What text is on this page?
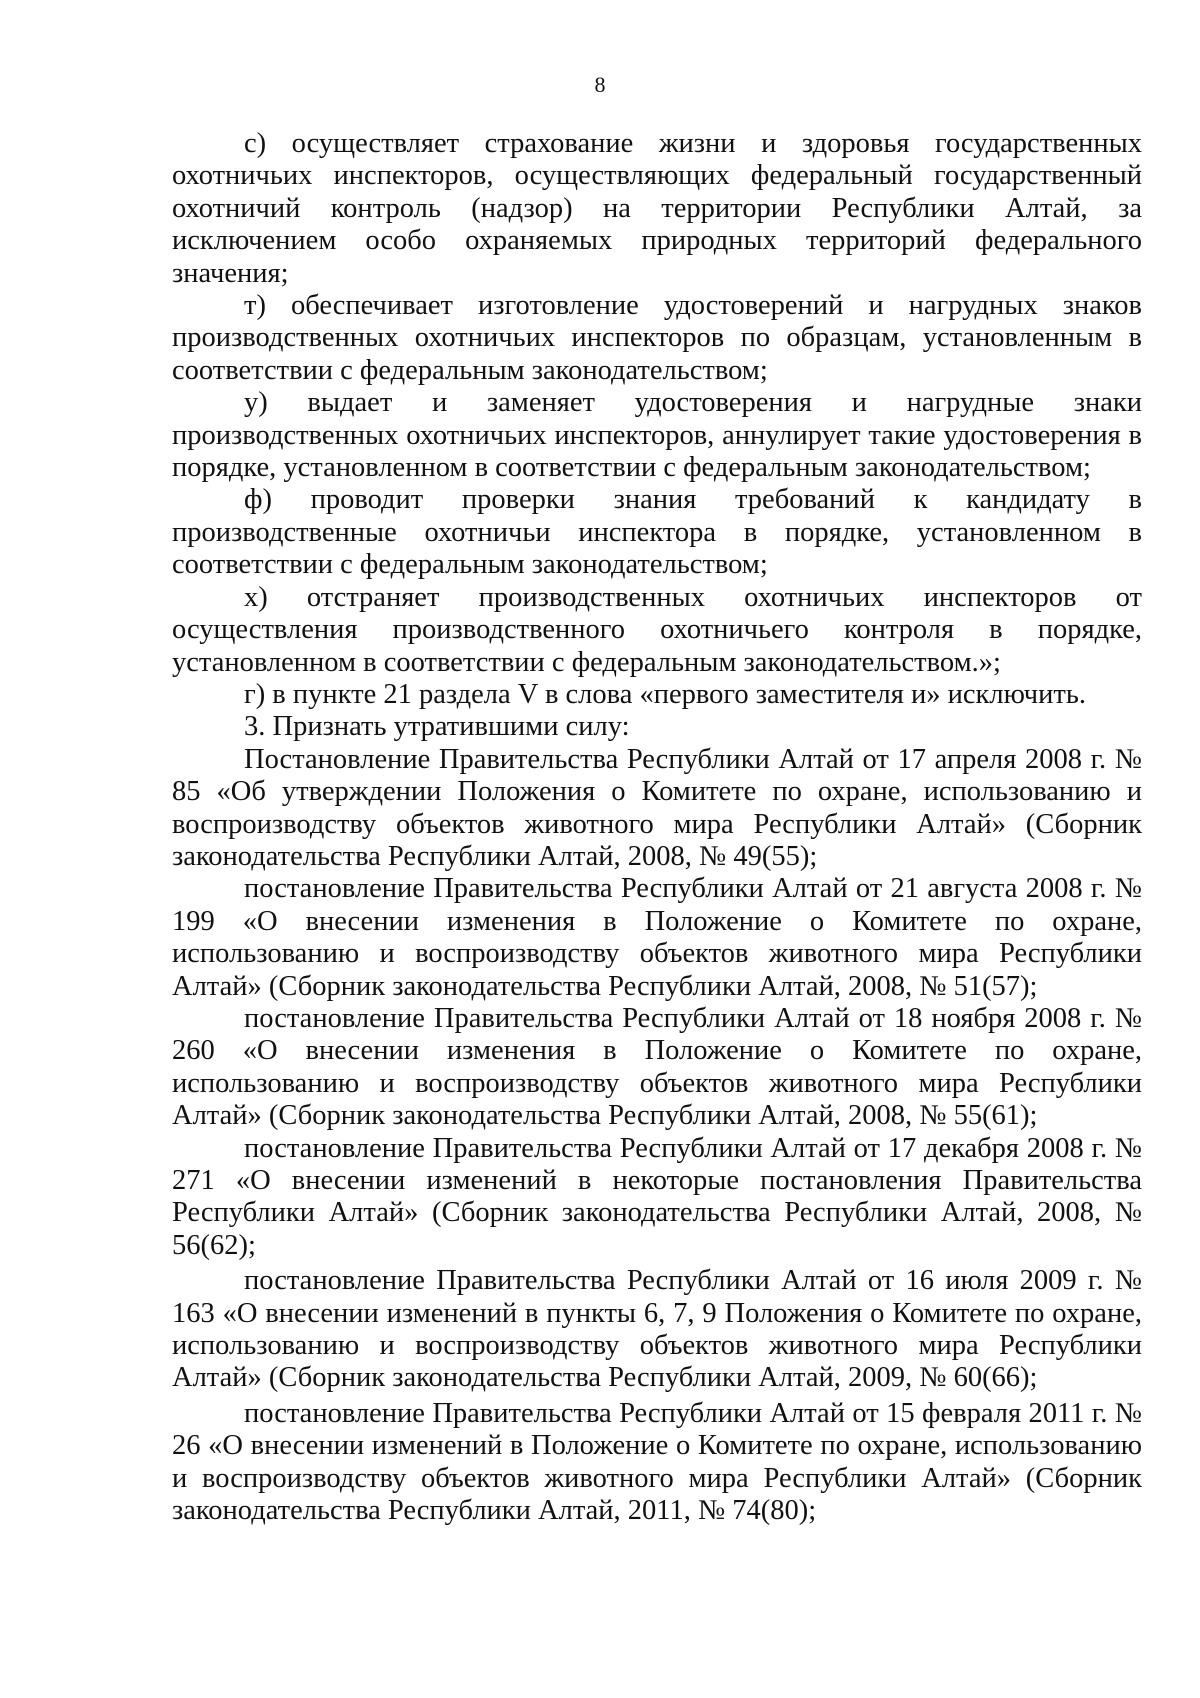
8

с) осуществляет страхование жизни и здоровья государственных охотничьих инспекторов, осуществляющих федеральный государственный охотничий контроль (надзор) на территории Республики Алтай, за исключением особо охраняемых природных территорий федерального значения;

т) обеспечивает изготовление удостоверений и нагрудных знаков производственных охотничьих инспекторов по образцам, установленным в соответствии с федеральным законодательством;

у) выдает и заменяет удостоверения и нагрудные знаки производственных охотничьих инспекторов, аннулирует такие удостоверения в порядке, установленном в соответствии с федеральным законодательством;

ф) проводит проверки знания требований к кандидату в производственные охотничьи инспектора в порядке, установленном в соответствии с федеральным законодательством;

х) отстраняет производственных охотничьих инспекторов от осуществления производственного охотничьего контроля в порядке, установленном в соответствии с федеральным законодательством.»;

г) в пункте 21 раздела V в слова «первого заместителя и» исключить.

3. Признать утратившими силу:

Постановление Правительства Республики Алтай от 17 апреля 2008 г. № 85 «Об утверждении Положения о Комитете по охране, использованию и воспроизводству объектов животного мира Республики Алтай» (Сборник законодательства Республики Алтай, 2008, № 49(55);

постановление Правительства Республики Алтай от 21 августа 2008 г. № 199 «О внесении изменения в Положение о Комитете по охране, использованию и воспроизводству объектов животного мира Республики Алтай» (Сборник законодательства Республики Алтай, 2008, № 51(57);

постановление Правительства Республики Алтай от 18 ноября 2008 г. № 260 «О внесении изменения в Положение о Комитете по охране, использованию и воспроизводству объектов животного мира Республики Алтай» (Сборник законодательства Республики Алтай, 2008, № 55(61);

постановление Правительства Республики Алтай от 17 декабря 2008 г. № 271 «О внесении изменений в некоторые постановления Правительства Республики Алтай» (Сборник законодательства Республики Алтай, 2008, № 56(62);

постановление Правительства Республики Алтай от 16 июля 2009 г. № 163 «О внесении изменений в пункты 6, 7, 9 Положения о Комитете по охране, использованию и воспроизводству объектов животного мира Республики Алтай» (Сборник законодательства Республики Алтай, 2009, № 60(66);

постановление Правительства Республики Алтай от 15 февраля 2011 г. № 26 «О внесении изменений в Положение о Комитете по охране, использованию и воспроизводству объектов животного мира Республики Алтай» (Сборник законодательства Республики Алтай, 2011, № 74(80);
